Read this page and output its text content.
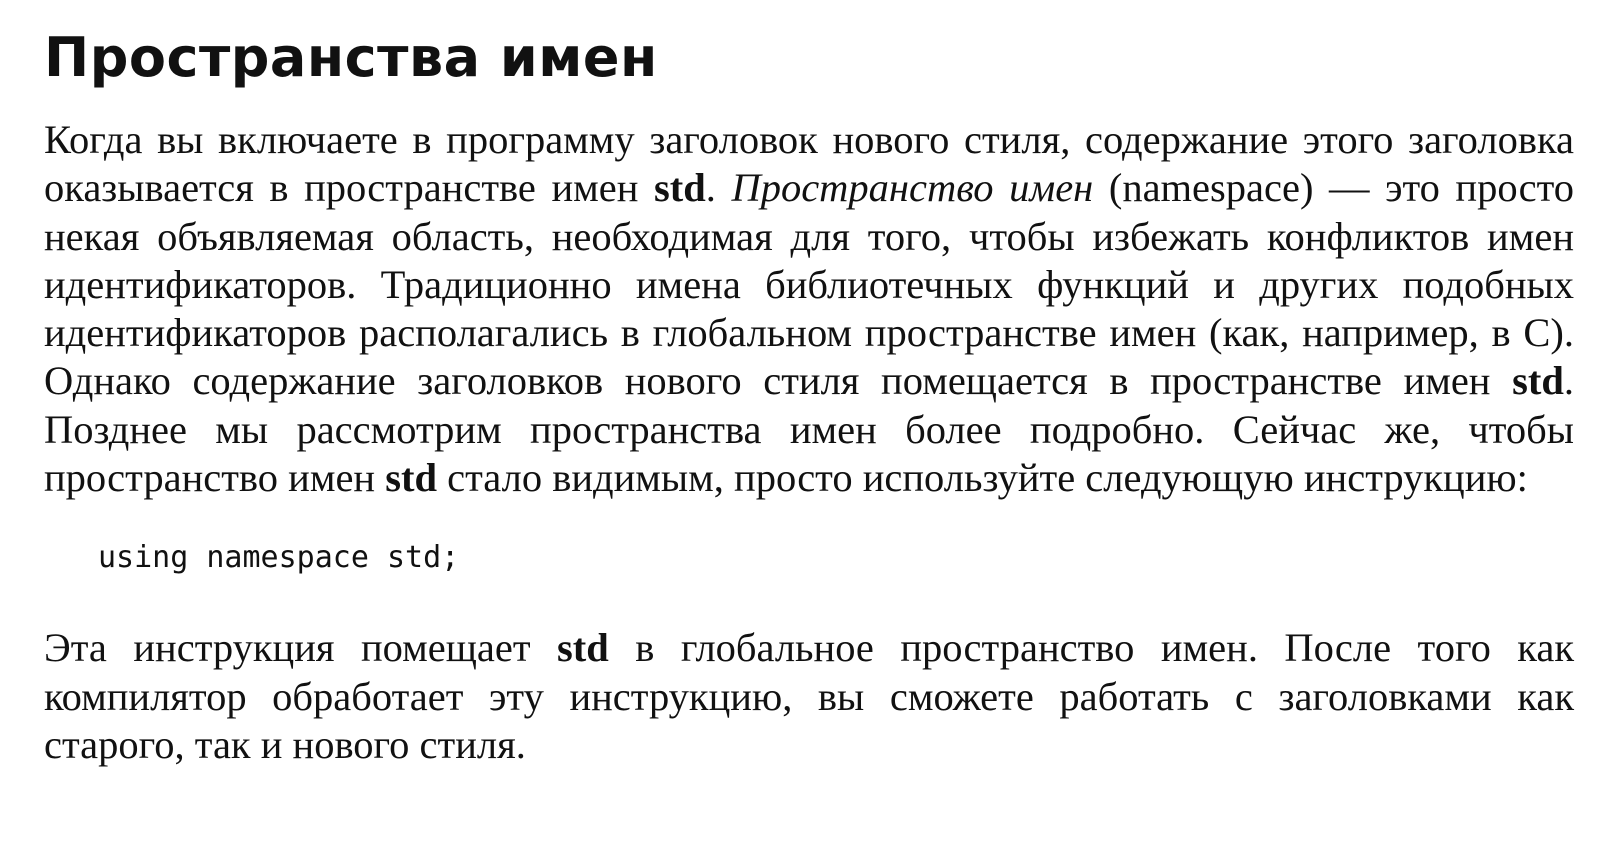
Пространства имен

Когда вы включаете в программу заголовок нового стиля, содержание этого заголовка оказывается в пространстве имен std. Пространство имен (namespace) — это просто некая объявляемая область, необходимая для того, чтобы избежать конфликтов имен идентификаторов. Традиционно имена библиотечных функций и других подобных идентификаторов располагались в глобальном пространстве имен (как, например, в C). Однако содержание заголовков нового стиля помещается в пространстве имен std. Позднее мы рассмотрим пространства имен более подробно. Сейчас же, чтобы пространство имен std стало видимым, просто используйте следующую инструкцию:

using namespace std;

Эта инструкция помещает std в глобальное пространство имен. После того как компилятор обработает эту инструкцию, вы сможете работать с заголовками как старого, так и нового стиля.
